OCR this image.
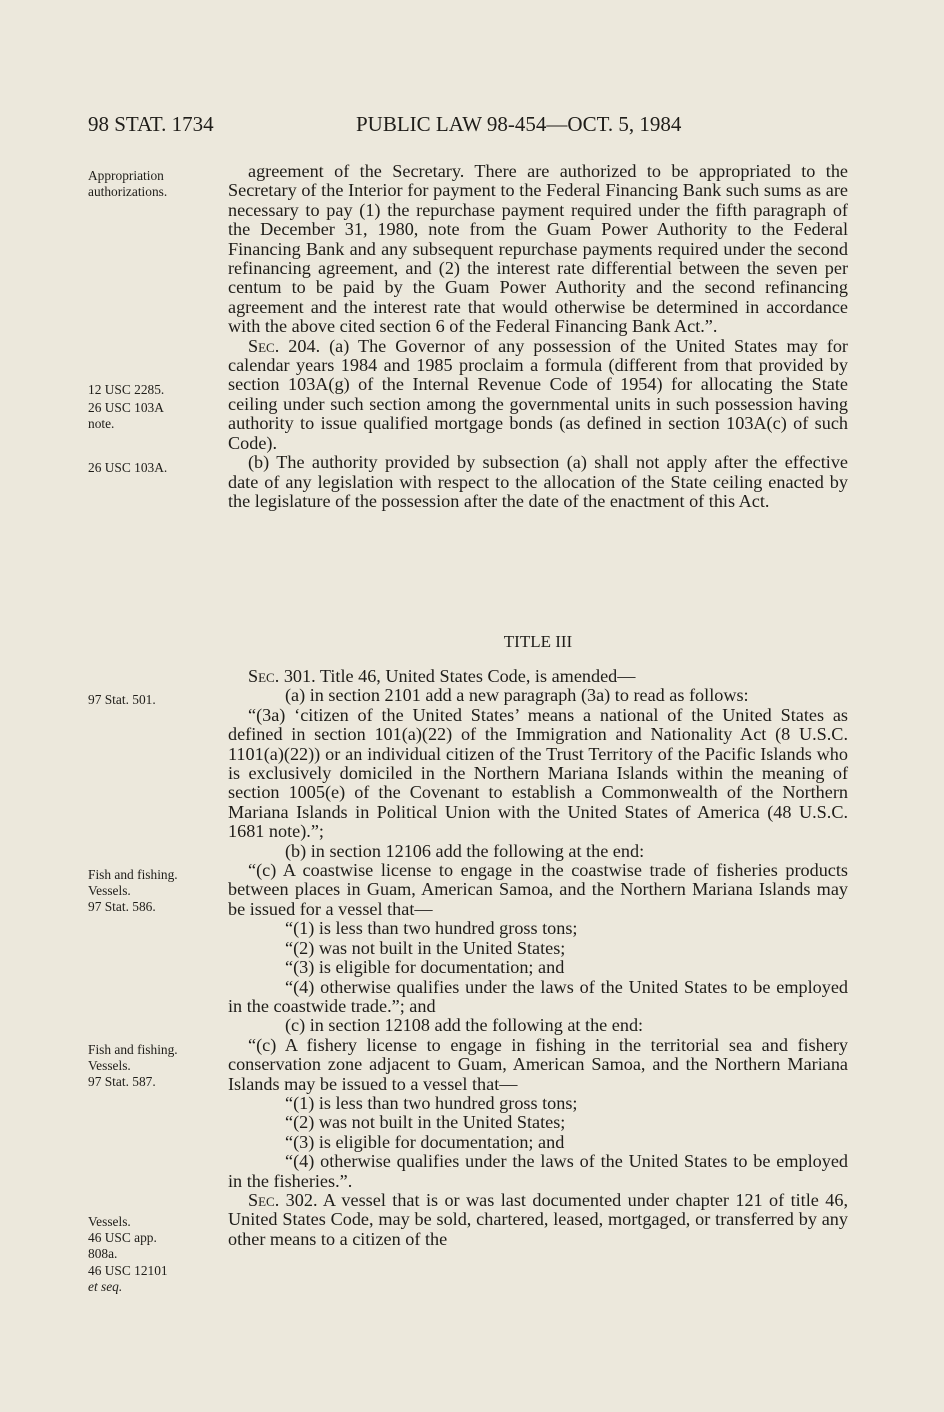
98 STAT. 1734	PUBLIC LAW 98-454—OCT. 5, 1984
Appropriation
authorizations.
12 USC 2285.
26 USC 103A
note.
26 USC 103A.
97 Stat. 501.
Fish and fishing.
Vessels.
97 Stat. 586.
Fish and fishing.
Vessels.
97 Stat. 587.
Vessels.
46 USC app.
808a.
46 USC 12101
et seq.

agreement of the Secretary. There are authorized to be appropriated to the Secretary of the Interior for payment to the Federal Financing Bank such sums as are necessary to pay (1) the repurchase payment required under the fifth paragraph of the December 31, 1980, note from the Guam Power Authority to the Federal Financing Bank and any subsequent repurchase payments required under the second refinancing agreement, and (2) the interest rate differential between the seven per centum to be paid by the Guam Power Authority and the second refinancing agreement and the interest rate that would otherwise be determined in accordance with the above cited section 6 of the Federal Financing Bank Act.”.

Sec. 204. (a) The Governor of any possession of the United States may for calendar years 1984 and 1985 proclaim a formula (different from that provided by section 103A(g) of the Internal Revenue Code of 1954) for allocating the State ceiling under such section among the governmental units in such possession having authority to issue qualified mortgage bonds (as defined in section 103A(c) of such Code).

(b) The authority provided by subsection (a) shall not apply after the effective date of any legislation with respect to the allocation of the State ceiling enacted by the legislature of the possession after the date of the enactment of this Act.

TITLE III

Sec. 301. Title 46, United States Code, is amended—

(a) in section 2101 add a new paragraph (3a) to read as follows:

“(3a) ‘citizen of the United States’ means a national of the United States as defined in section 101(a)(22) of the Immigration and Nationality Act (8 U.S.C. 1101(a)(22)) or an individual citizen of the Trust Territory of the Pacific Islands who is exclusively domiciled in the Northern Mariana Islands within the meaning of section 1005(e) of the Covenant to establish a Commonwealth of the Northern Mariana Islands in Political Union with the United States of America (48 U.S.C. 1681 note).”;

(b) in section 12106 add the following at the end:

“(c) A coastwise license to engage in the coastwise trade of fisheries products between places in Guam, American Samoa, and the Northern Mariana Islands may be issued for a vessel that—

“(1) is less than two hundred gross tons;

“(2) was not built in the United States;

“(3) is eligible for documentation; and

“(4) otherwise qualifies under the laws of the United States to be employed in the coastwide trade.”; and

(c) in section 12108 add the following at the end:

“(c) A fishery license to engage in fishing in the territorial sea and fishery conservation zone adjacent to Guam, American Samoa, and the Northern Mariana Islands may be issued to a vessel that—

“(1) is less than two hundred gross tons;

“(2) was not built in the United States;

“(3) is eligible for documentation; and

“(4) otherwise qualifies under the laws of the United States to be employed in the fisheries.”.

Sec. 302. A vessel that is or was last documented under chapter 121 of title 46, United States Code, may be sold, chartered, leased, mortgaged, or transferred by any other means to a citizen of the
